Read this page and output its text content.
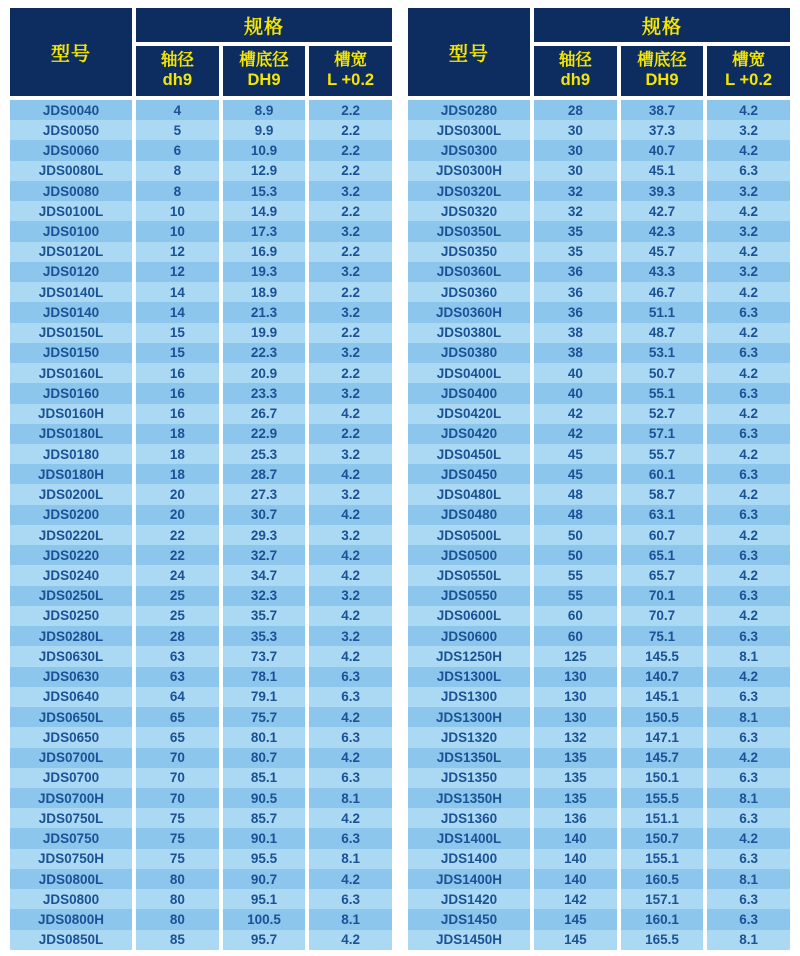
型号
规格
轴径
dh9
槽底径
DH9
槽宽
L +0.2
JDS0040	4	8.9	2.2
JDS0050	5	9.9	2.2
JDS0060	6	10.9	2.2
JDS0080L	8	12.9	2.2
JDS0080	8	15.3	3.2
JDS0100L	10	14.9	2.2
JDS0100	10	17.3	3.2
JDS0120L	12	16.9	2.2
JDS0120	12	19.3	3.2
JDS0140L	14	18.9	2.2
JDS0140	14	21.3	3.2
JDS0150L	15	19.9	2.2
JDS0150	15	22.3	3.2
JDS0160L	16	20.9	2.2
JDS0160	16	23.3	3.2
JDS0160H	16	26.7	4.2
JDS0180L	18	22.9	2.2
JDS0180	18	25.3	3.2
JDS0180H	18	28.7	4.2
JDS0200L	20	27.3	3.2
JDS0200	20	30.7	4.2
JDS0220L	22	29.3	3.2
JDS0220	22	32.7	4.2
JDS0240	24	34.7	4.2
JDS0250L	25	32.3	3.2
JDS0250	25	35.7	4.2
JDS0280L	28	35.3	3.2
JDS0630L	63	73.7	4.2
JDS0630	63	78.1	6.3
JDS0640	64	79.1	6.3
JDS0650L	65	75.7	4.2
JDS0650	65	80.1	6.3
JDS0700L	70	80.7	4.2
JDS0700	70	85.1	6.3
JDS0700H	70	90.5	8.1
JDS0750L	75	85.7	4.2
JDS0750	75	90.1	6.3
JDS0750H	75	95.5	8.1
JDS0800L	80	90.7	4.2
JDS0800	80	95.1	6.3
JDS0800H	80	100.5	8.1
JDS0850L	85	95.7	4.2
型号
规格
轴径
dh9
槽底径
DH9
槽宽
L +0.2
JDS0280	28	38.7	4.2
JDS0300L	30	37.3	3.2
JDS0300	30	40.7	4.2
JDS0300H	30	45.1	6.3
JDS0320L	32	39.3	3.2
JDS0320	32	42.7	4.2
JDS0350L	35	42.3	3.2
JDS0350	35	45.7	4.2
JDS0360L	36	43.3	3.2
JDS0360	36	46.7	4.2
JDS0360H	36	51.1	6.3
JDS0380L	38	48.7	4.2
JDS0380	38	53.1	6.3
JDS0400L	40	50.7	4.2
JDS0400	40	55.1	6.3
JDS0420L	42	52.7	4.2
JDS0420	42	57.1	6.3
JDS0450L	45	55.7	4.2
JDS0450	45	60.1	6.3
JDS0480L	48	58.7	4.2
JDS0480	48	63.1	6.3
JDS0500L	50	60.7	4.2
JDS0500	50	65.1	6.3
JDS0550L	55	65.7	4.2
JDS0550	55	70.1	6.3
JDS0600L	60	70.7	4.2
JDS0600	60	75.1	6.3
JDS1250H	125	145.5	8.1
JDS1300L	130	140.7	4.2
JDS1300	130	145.1	6.3
JDS1300H	130	150.5	8.1
JDS1320	132	147.1	6.3
JDS1350L	135	145.7	4.2
JDS1350	135	150.1	6.3
JDS1350H	135	155.5	8.1
JDS1360	136	151.1	6.3
JDS1400L	140	150.7	4.2
JDS1400	140	155.1	6.3
JDS1400H	140	160.5	8.1
JDS1420	142	157.1	6.3
JDS1450	145	160.1	6.3
JDS1450H	145	165.5	8.1
